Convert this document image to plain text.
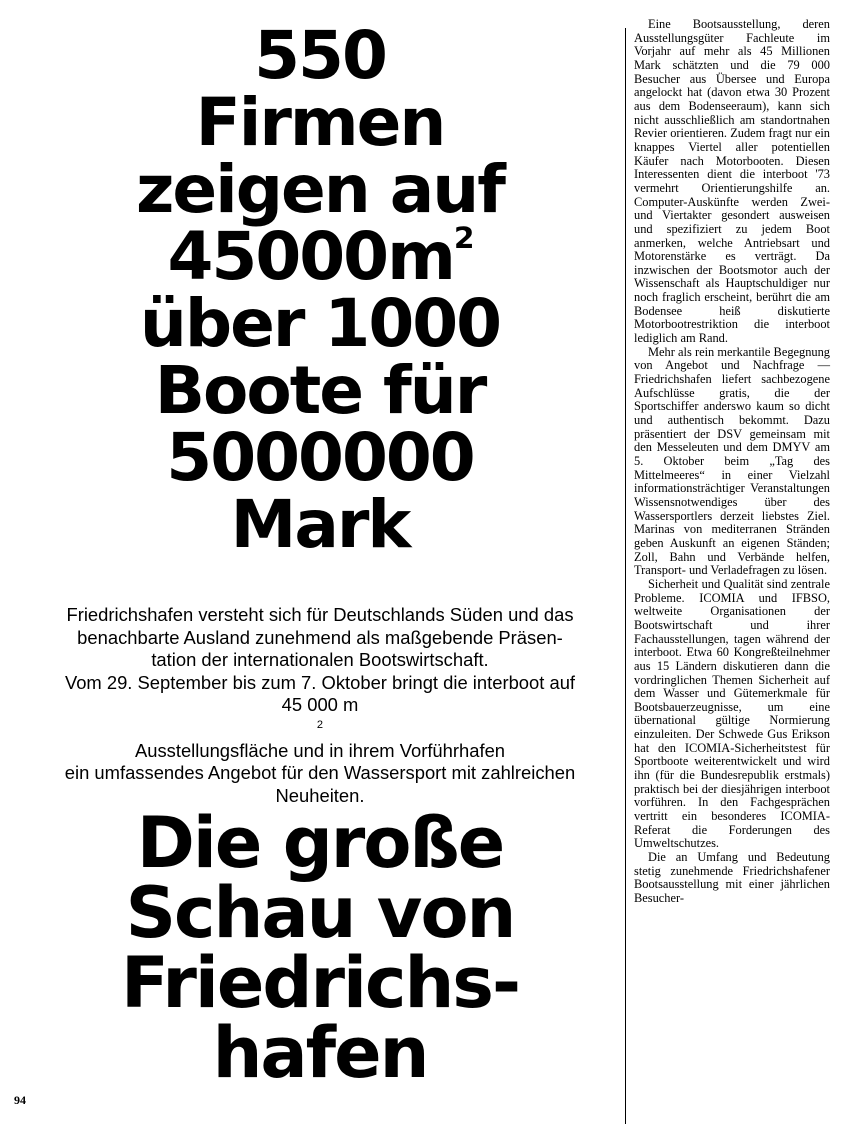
550
Firmen
zeigen auf
$45000m^2$
über 1000
Boote für
5000000
Mark
Friedrichshafen versteht sich für Deutschlands Süden und das
benachbarte Ausland zunehmend als maßgebende Präsen-
tation der internationalen Bootswirtschaft.
Vom 29. September bis zum 7. Oktober bringt die interboot auf
45 000 m
$^2$
Ausstellungsfläche und in ihrem Vorführhafen
ein umfassendes Angebot für den Wassersport mit zahlreichen
Neuheiten.
Die große
Schau von
Friedrichs-
hafen

Eine Bootsausstellung, deren Ausstellungsgüter Fachleute im Vorjahr auf mehr als 45 Millionen Mark schätzten und die 79 000 Besucher aus Übersee und Europa angelockt hat (davon etwa 30 Prozent aus dem Bodenseeraum), kann sich nicht ausschließlich am standortnahen Revier orientieren. Zudem fragt nur ein knappes Viertel aller potentiellen Käufer nach Motorbooten. Diesen Interessenten dient die interboot '73 vermehrt Orientierungshilfe an. Computer-Auskünfte werden Zwei- und Viertakter gesondert ausweisen und spezifiziert zu jedem Boot anmerken, welche Antriebsart und Motorenstärke es verträgt. Da inzwischen der Bootsmotor auch der Wissenschaft als Hauptschuldiger nur noch fraglich erscheint, berührt die am Bodensee heiß diskutierte Motorbootrestriktion die interboot lediglich am Rand.

Mehr als rein merkantile Begegnung von Angebot und Nachfrage — Friedrichshafen liefert sachbezogene Aufschlüsse gratis, die der Sportschiffer anderswo kaum so dicht und authentisch bekommt. Dazu präsentiert der DSV gemeinsam mit den Messeleuten und dem DMYV am 5. Oktober beim „Tag des Mittelmeeres“ in einer Vielzahl informationsträchtiger Veranstaltungen Wissensnotwendiges über des Wassersportlers derzeit liebstes Ziel. Marinas von mediterranen Stränden geben Auskunft an eigenen Ständen; Zoll, Bahn und Verbände helfen, Transport- und Verladefragen zu lösen.

Sicherheit und Qualität sind zentrale Probleme. ICOMIA und IFBSO, weltweite Organisationen der Bootswirtschaft und ihrer Fachausstellungen, tagen während der interboot. Etwa 60 Kongreßteilnehmer aus 15 Ländern diskutieren dann die vordringlichen Themen Sicherheit auf dem Wasser und Gütemerkmale für Bootsbauerzeugnisse, um eine übernational gültige Normierung einzuleiten. Der Schwede Gus Erikson hat den ICOMIA-Sicherheitstest für Sportboote weiterentwickelt und wird ihn (für die Bundesrepublik erstmals) praktisch bei der diesjährigen interboot vorführen. In den Fachgesprächen vertritt ein besonderes ICOMIA-Referat die Forderungen des Umweltschutzes.

Die an Umfang und Bedeutung stetig zunehmende Friedrichshafener Bootsausstellung mit einer jährlichen Besucher-

94
